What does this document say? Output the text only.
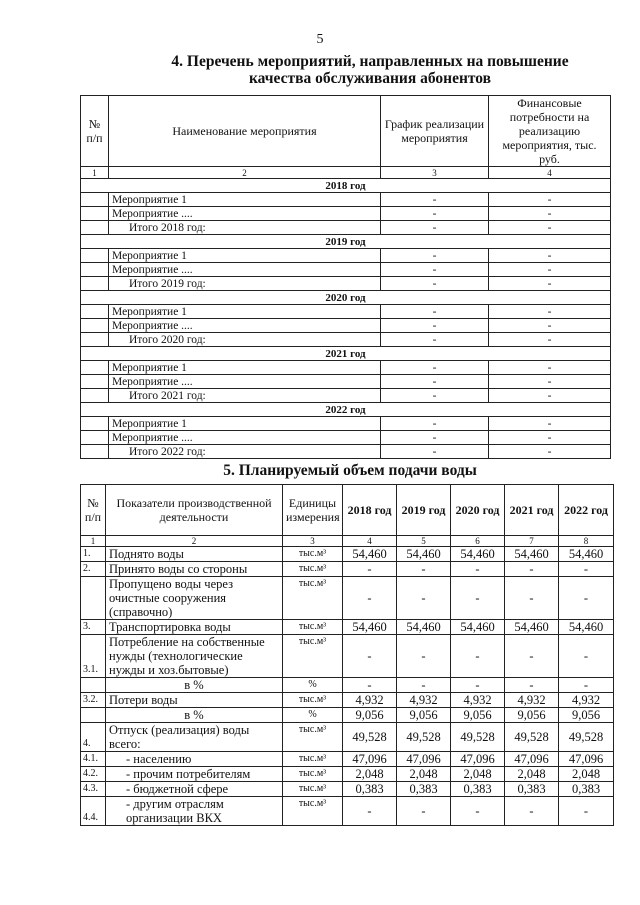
5
4. Перечень мероприятий, направленных на повышение качества обслуживания абонентов
№ п/п	Наименование мероприятия	График реализации мероприятия	Финансовые потребности на реализацию мероприятия, тыс. руб.
1	2	3	4
2018 год			
	Мероприятие 1	-	-
	Мероприятие ....	-	-
	Итого 2018 год:	-	-
2019 год			
	Мероприятие 1	-	-
	Мероприятие ....	-	-
	Итого 2019 год:	-	-
2020 год			
	Мероприятие 1	-	-
	Мероприятие ....	-	-
	Итого 2020 год:	-	-
2021 год			
	Мероприятие 1	-	-
	Мероприятие ....	-	-
	Итого 2021 год:	-	-
2022 год			
	Мероприятие 1	-	-
	Мероприятие ....	-	-
	Итого 2022 год:	-	-
5. Планируемый объем подачи воды
№ п/п	Показатели производственной деятельности	Единицы измерения	2018 год	2019 год	2020 год	2021 год	2022 год
1	2	3	4	5	6	7	8
1.	Поднято воды	тыс.м³	54,460	54,460	54,460	54,460	54,460
2.	Принято воды со стороны	тыс.м³	-	-	-	-	-
	Пропущено воды через очистные сооружения (справочно)	тыс.м³	-	-	-	-	-
3.	Транспортировка воды	тыс.м³	54,460	54,460	54,460	54,460	54,460
3.1.	Потребление на собственные нужды (технологические нужды и хоз.бытовые)	тыс.м³	-	-	-	-	-
	в %	%	-	-	-	-	-
3.2.	Потери воды	тыс.м³	4,932	4,932	4,932	4,932	4,932
	в %	%	9,056	9,056	9,056	9,056	9,056
4.	Отпуск (реализация) воды всего:	тыс.м³	49,528	49,528	49,528	49,528	49,528
4.1.	- населению	тыс.м³	47,096	47,096	47,096	47,096	47,096
4.2.	- прочим потребителям	тыс.м³	2,048	2,048	2,048	2,048	2,048
4.3.	- бюджетной сфере	тыс.м³	0,383	0,383	0,383	0,383	0,383
4.4.	- другим отраслям организации ВКХ	тыс.м³	-	-	-	-	-
